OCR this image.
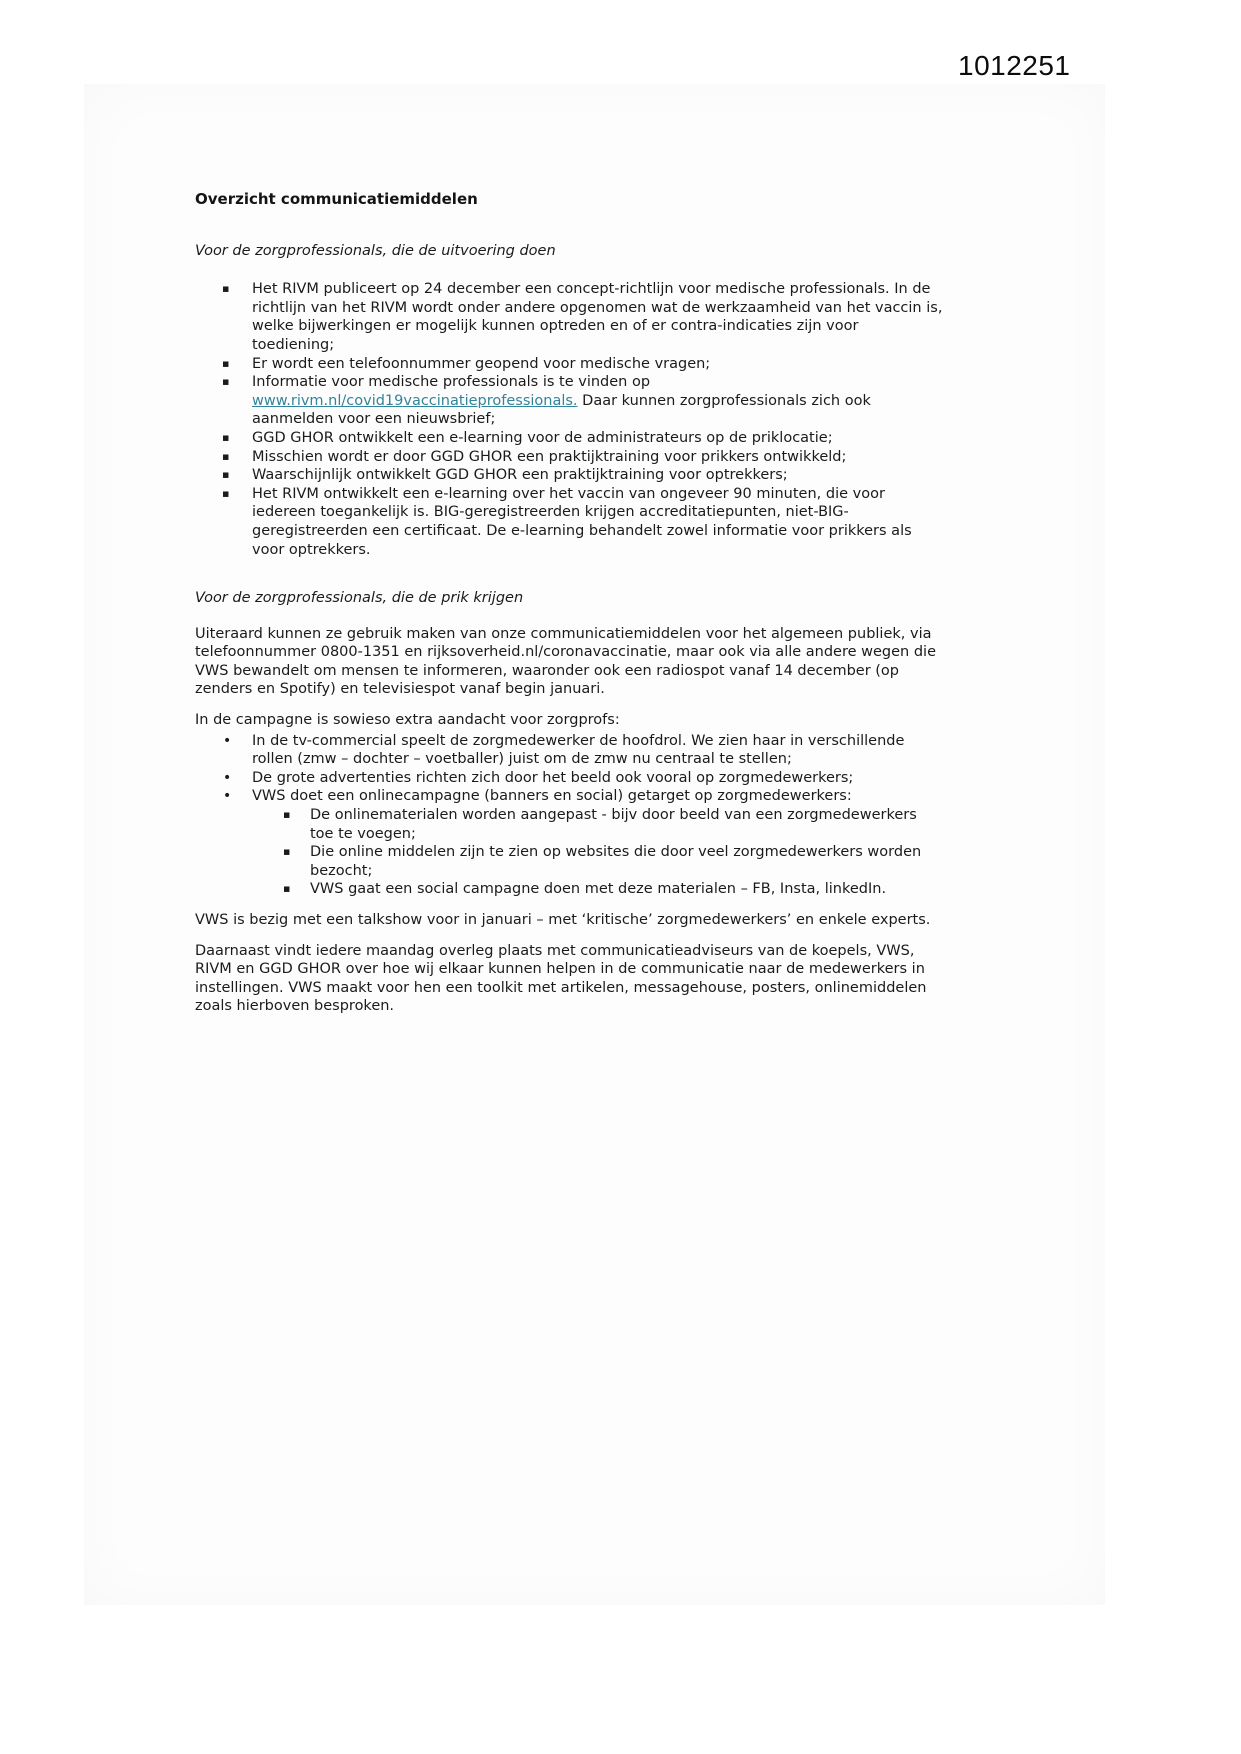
1012251
Overzicht communicatiemiddelen
Voor de zorgprofessionals, die de uitvoering doen
▪	Het RIVM publiceert op 24 december een concept-richtlijn voor medische professionals. In de richtlijn van het RIVM wordt onder andere opgenomen wat de werkzaamheid van het vaccin is, welke bijwerkingen er mogelijk kunnen optreden en of er contra-indicaties zijn voor toediening;
▪	Er wordt een telefoonnummer geopend voor medische vragen;
▪	Informatie voor medische professionals is te vinden op www.rivm.nl/covid19vaccinatieprofessionals. Daar kunnen zorgprofessionals zich ook aanmelden voor een nieuwsbrief;
▪	GGD GHOR ontwikkelt een e-learning voor de administrateurs op de priklocatie;
▪	Misschien wordt er door GGD GHOR een praktijktraining voor prikkers ontwikkeld;
▪	Waarschijnlijk ontwikkelt GGD GHOR een praktijktraining voor optrekkers;
▪	Het RIVM ontwikkelt een e-learning over het vaccin van ongeveer 90 minuten, die voor iedereen toegankelijk is. BIG-geregistreerden krijgen accreditatiepunten, niet-BIG-geregistreerden een certificaat. De e-learning behandelt zowel informatie voor prikkers als voor optrekkers.
Voor de zorgprofessionals, die de prik krijgen

Uiteraard kunnen ze gebruik maken van onze communicatiemiddelen voor het algemeen publiek, via telefoonnummer 0800-1351 en rijksoverheid.nl/coronavaccinatie, maar ook via alle andere wegen die VWS bewandelt om mensen te informeren, waaronder ook een radiospot vanaf 14 december (op zenders en Spotify) en televisiespot vanaf begin januari.

In de campagne is sowieso extra aandacht voor zorgprofs:

•	In de tv-commercial speelt de zorgmedewerker de hoofdrol. We zien haar in verschillende rollen (zmw – dochter – voetballer) juist om de zmw nu centraal te stellen;
•	De grote advertenties richten zich door het beeld ook vooral op zorgmedewerkers;
•	VWS doet een onlinecampagne (banners en social) getarget op zorgmedewerkers:
▪	De onlinematerialen worden aangepast - bijv door beeld van een zorgmedewerkers toe te voegen;
▪	Die online middelen zijn te zien op websites die door veel zorgmedewerkers worden bezocht;
▪	VWS gaat een social campagne doen met deze materialen – FB, Insta, linkedIn.

VWS is bezig met een talkshow voor in januari – met ‘kritische’ zorgmedewerkers’ en enkele experts.

Daarnaast vindt iedere maandag overleg plaats met communicatieadviseurs van de koepels, VWS, RIVM en GGD GHOR over hoe wij elkaar kunnen helpen in de communicatie naar de medewerkers in instellingen. VWS maakt voor hen een toolkit met artikelen, messagehouse, posters, onlinemiddelen zoals hierboven besproken.
